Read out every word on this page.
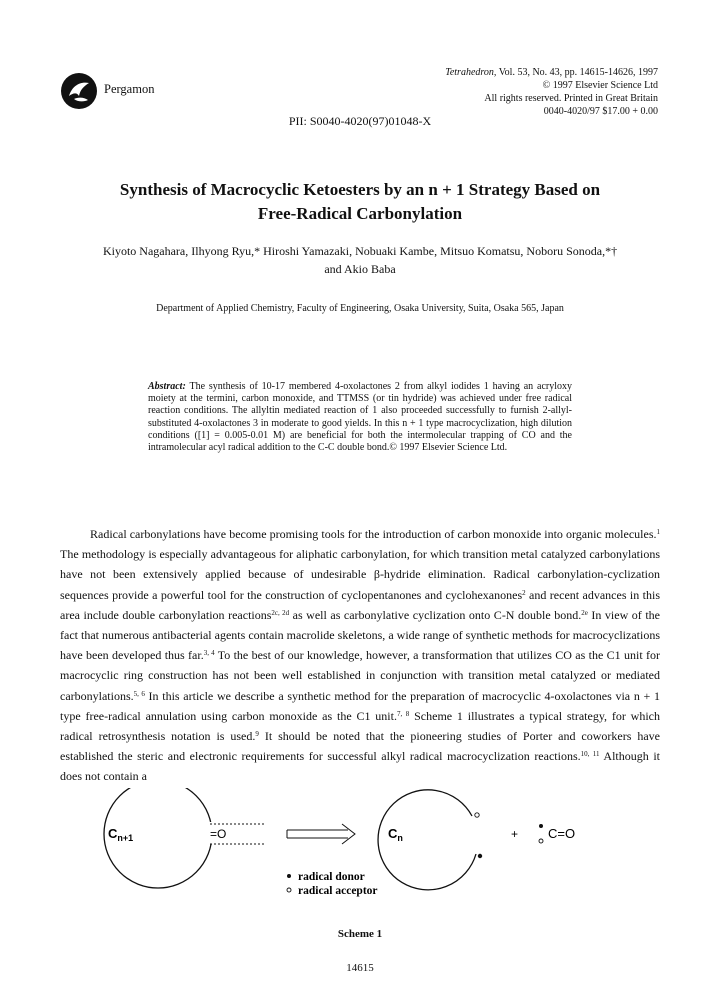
Pergamon
Tetrahedron, Vol. 53, No. 43, pp. 14615-14626, 1997
© 1997 Elsevier Science Ltd
All rights reserved. Printed in Great Britain
0040-4020/97 $17.00 + 0.00
PII: S0040-4020(97)01048-X
Synthesis of Macrocyclic Ketoesters by an n + 1 Strategy Based on Free-Radical Carbonylation
Kiyoto Nagahara, Ilhyong Ryu,* Hiroshi Yamazaki, Nobuaki Kambe, Mitsuo Komatsu, Noboru Sonoda,*†
and Akio Baba
Department of Applied Chemistry, Faculty of Engineering, Osaka University, Suita, Osaka 565, Japan
Abstract: The synthesis of 10-17 membered 4-oxolactones 2 from alkyl iodides 1 having an acryloxy moiety at the termini, carbon monoxide, and TTMSS (or tin hydride) was achieved under free radical reaction conditions. The allyltin mediated reaction of 1 also proceeded successfully to furnish 2-allyl-substituted 4-oxolactones 3 in moderate to good yields. In this n + 1 type macrocyclization, high dilution conditions ([1] = 0.005-0.01 M) are beneficial for both the intermolecular trapping of CO and the intramolecular acyl radical addition to the C-C double bond.© 1997 Elsevier Science Ltd.
Radical carbonylations have become promising tools for the introduction of carbon monoxide into organic molecules.$^1$ The methodology is especially advantageous for aliphatic carbonylation, for which transition metal catalyzed carbonylations have not been extensively applied because of undesirable β-hydride elimination. Radical carbonylation-cyclization sequences provide a powerful tool for the construction of cyclopentanones and cyclohexanones$^2$ and recent advances in this area include double carbonylation reactions$^{2c, 2d}$ as well as carbonylative cyclization onto C-N double bond.$^{2e}$ In view of the fact that numerous antibacterial agents contain macrolide skeletons, a wide range of synthetic methods for macrocyclizations have been developed thus far.$^{3, 4}$ To the best of our knowledge, however, a transformation that utilizes CO as the C1 unit for macrocyclic ring construction has not been well established in conjunction with transition metal catalyzed or mediated carbonylations.$^{5, 6}$ In this article we describe a synthetic method for the preparation of macrocyclic 4-oxolactones via n + 1 type free-radical annulation using carbon monoxide as the C1 unit.$^{7, 8}$ Scheme 1 illustrates a typical strategy, for which radical retrosynthesis notation is used.$^9$ It should be noted that the pioneering studies of Porter and coworkers have established the steric and electronic requirements for successful alkyl radical macrocyclization reactions.$^{10, 11}$ Although it does not contain a
$C_{n+1}$	=O	$C_n$	+ C=O
radical donor
radical acceptor
Scheme 1
14615
